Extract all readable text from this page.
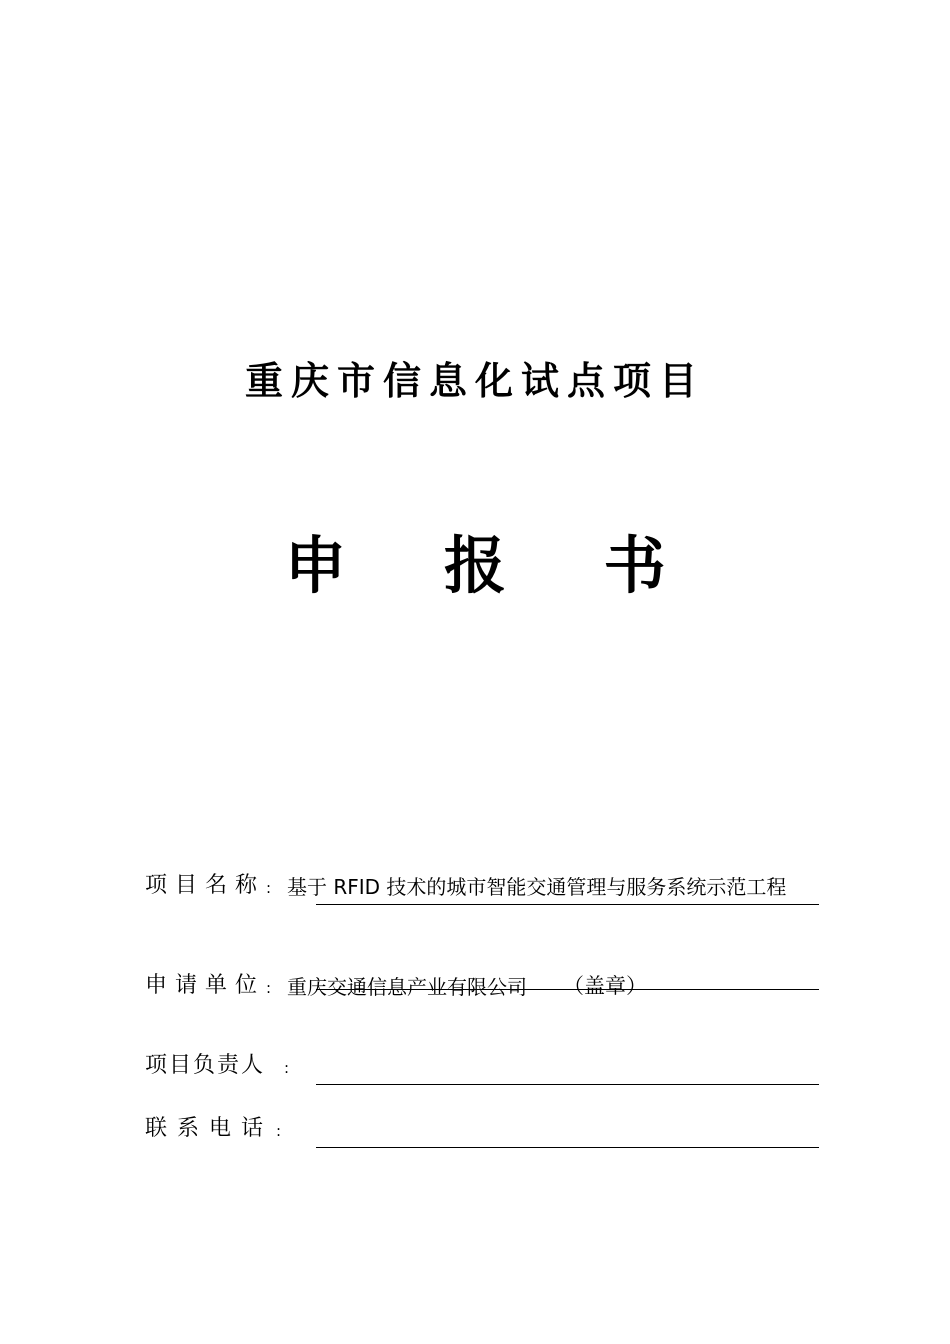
重庆市信息化试点项目
申 报 书
项目名称 : 基于 RFID 技术的城市智能交通管理与服务系统示范工程
申请单位 : 重庆交通信息产业有限公司 （盖章）
项目负责人 :
联系电话 :
